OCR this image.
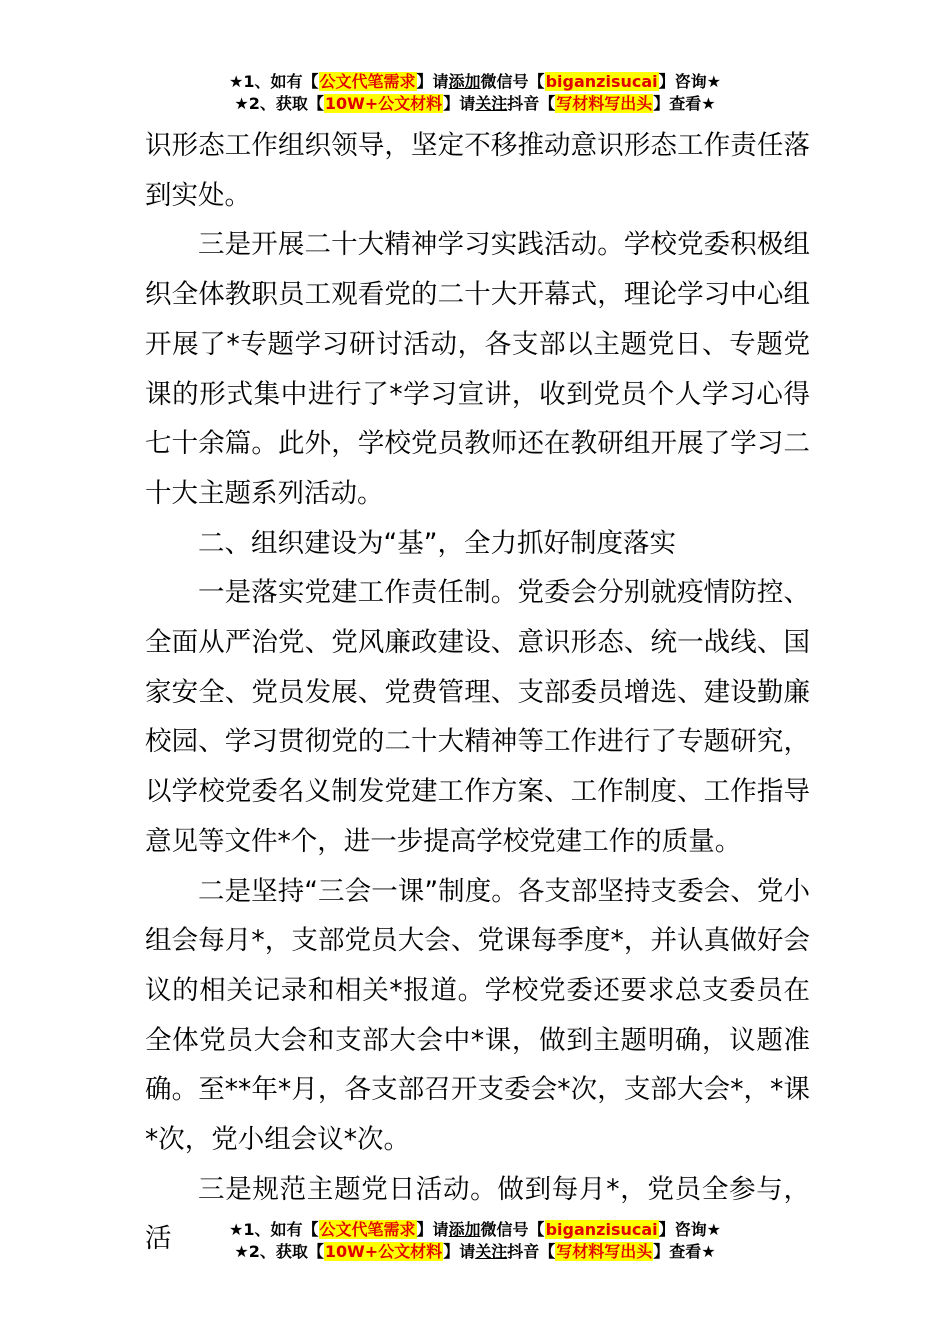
★1、如有【公文代笔需求】请添加微信号【biganzisucai】咨询★
★2、获取【10W+公文材料】请关注抖音【写材料写出头】查看★

识形态工作组织领导，坚定不移推动意识形态工作责任落到实处。

三是开展二十大精神学习实践活动。学校党委积极组织全体教职员工观看党的二十大开幕式，理论学习中心组开展了*专题学习研讨活动，各支部以主题党日、专题党课的形式集中进行了*学习宣讲，收到党员个人学习心得七十余篇。此外，学校党员教师还在教研组开展了学习二十大主题系列活动。

二、组织建设为“基”，全力抓好制度落实

一是落实党建工作责任制。党委会分别就疫情防控、全面从严治党、党风廉政建设、意识形态、统一战线、国家安全、党员发展、党费管理、支部委员增选、建设勤廉校园、学习贯彻党的二十大精神等工作进行了专题研究，以学校党委名义制发党建工作方案、工作制度、工作指导意见等文件*个，进一步提高学校党建工作的质量。

二是坚持“三会一课”制度。各支部坚持支委会、党小组会每月*，支部党员大会、党课每季度*，并认真做好会议的相关记录和相关*报道。学校党委还要求总支委员在全体党员大会和支部大会中*课，做到主题明确，议题准确。至**年*月，各支部召开支委会*次，支部大会*，*课*次，党小组会议*次。

三是规范主题党日活动。做到每月*，党员全参与，活	★1、如有【公文代笔需求】请添加微信号【biganzisucai】咨询★
★2、获取【10W+公文材料】请关注抖音【写材料写出头】查看★
